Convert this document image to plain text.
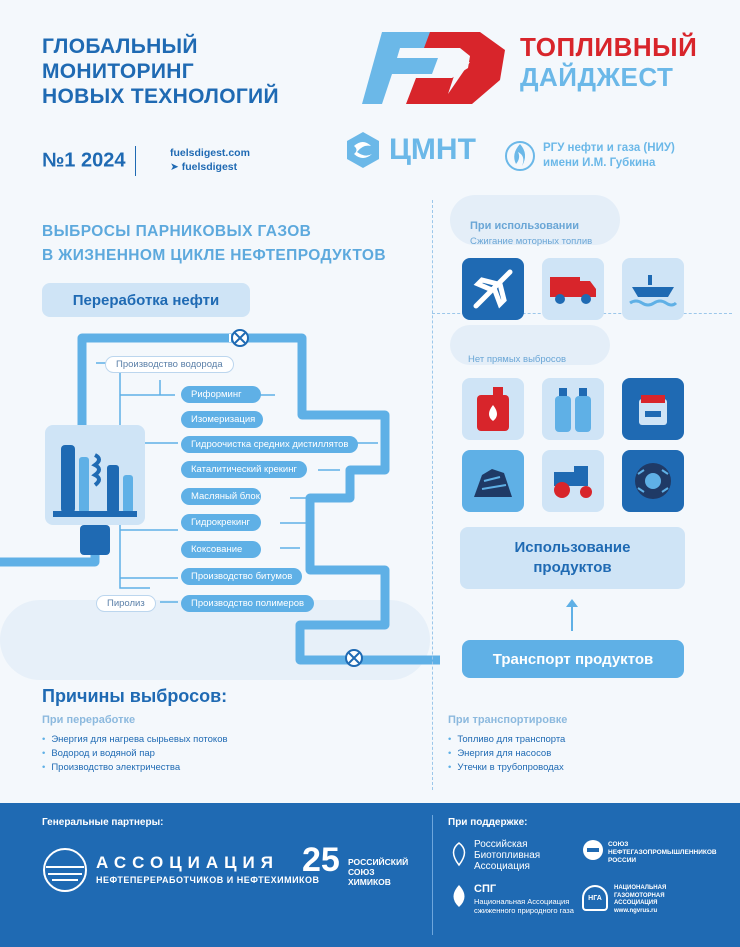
ГЛОБАЛЬНЫЙ
МОНИТОРИНГ
НОВЫХ ТЕХНОЛОГИЙ
№1 2024	fuelsdigest.com
➤ fuelsdigest
ТОПЛИВНЫЙ
ДАЙДЖЕСТ
ЦМНТ	РГУ нефти и газа (НИУ)
имени И.М. Губкина
ВЫБРОСЫ ПАРНИКОВЫХ ГАЗОВ
В ЖИЗНЕННОМ ЦИКЛЕ НЕФТЕПРОДУКТОВ
Переработка нефти
Производство водорода
Риформинг
Изомеризация
Гидроочистка средних дистиллятов
Каталитический крекинг
Масляный блок
Гидрокрекинг
Коксование
Производство битумов
Производство полимеров
Пиролиз
При использовании
Сжигание моторных топлив
Нет прямых выбросов
Использование
продуктов
Транспорт продуктов
Причины выбросов:
При переработке
• Энергия для нагрева сырьевых потоков
• Водород и водяной пар
• Производство электричества
При транспортировке
• Топливо для транспорта
• Энергия для насосов
• Утечки в трубопроводах
Генеральные партнеры:
АССОЦИАЦИЯ
НЕФТЕПЕРЕРАБОТЧИКОВ И НЕФТЕХИМИКОВ
25 РОССИЙСКИЙ
СОЮЗ
ХИМИКОВ
При поддержке:
Российская
Биотопливная
Ассоциация
СПГ
Национальная Ассоциация
сжиженного природного газа
СОЮЗ
НЕФТЕГАЗОПРОМЫШЛЕННИКОВ
РОССИИ
НГА
НАЦИОНАЛЬНАЯ
ГАЗОМОТОРНАЯ
АССОЦИАЦИЯ
www.ngvrus.ru
